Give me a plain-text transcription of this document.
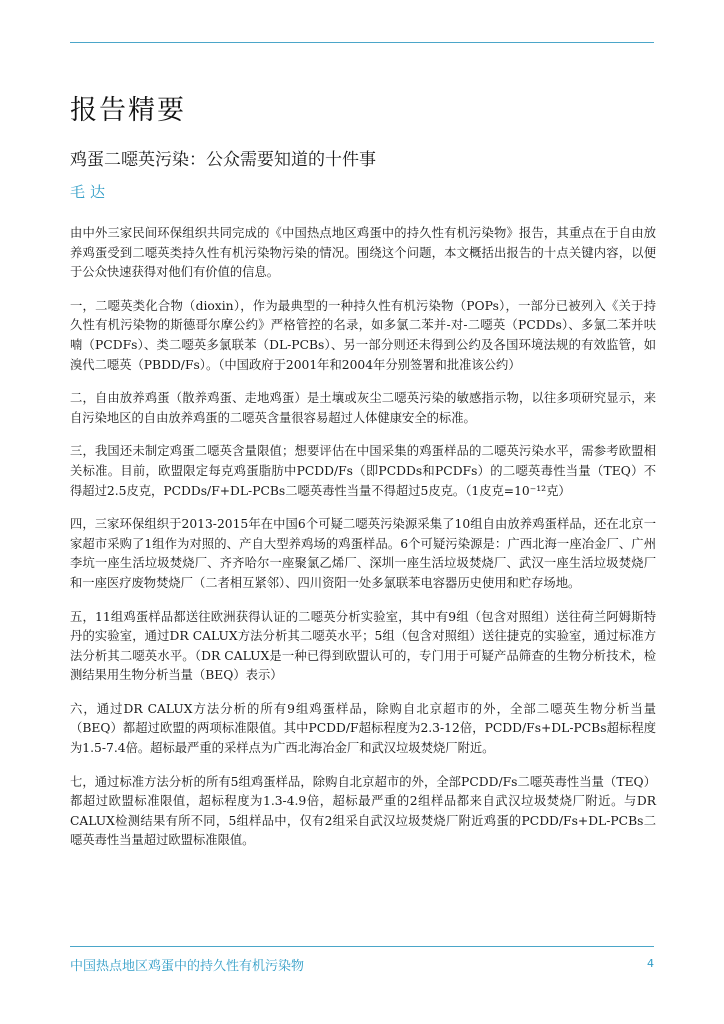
报告精要
鸡蛋二噁英污染：公众需要知道的十件事
毛达

由中外三家民间环保组织共同完成的《中国热点地区鸡蛋中的持久性有机污染物》报告，其重点在于自由放养鸡蛋受到二噁英类持久性有机污染物污染的情况。围绕这个问题，本文概括出报告的十点关键内容，以便于公众快速获得对他们有价值的信息。

一，二噁英类化合物（dioxin），作为最典型的一种持久性有机污染物（POPs），一部分已被列入《关于持久性有机污染物的斯德哥尔摩公约》严格管控的名录，如多氯二苯并-对-二噁英（PCDDs）、多氯二苯并呋喃（PCDFs）、类二噁英多氯联苯（DL-PCBs）、另一部分则还未得到公约及各国环境法规的有效监管，如溴代二噁英（PBDD/Fs）。（中国政府于2001年和2004年分别签署和批准该公约）

二，自由放养鸡蛋（散养鸡蛋、走地鸡蛋）是土壤或灰尘二噁英污染的敏感指示物，以往多项研究显示，来自污染地区的自由放养鸡蛋的二噁英含量很容易超过人体健康安全的标准。

三，我国还未制定鸡蛋二噁英含量限值；想要评估在中国采集的鸡蛋样品的二噁英污染水平，需参考欧盟相关标准。目前，欧盟限定每克鸡蛋脂肪中PCDD/Fs（即PCDDs和PCDFs）的二噁英毒性当量（TEQ）不得超过2.5皮克，PCDDs/F+DL-PCBs二噁英毒性当量不得超过5皮克。（1皮克=10⁻¹²克）

四，三家环保组织于2013-2015年在中国6个可疑二噁英污染源采集了10组自由放养鸡蛋样品，还在北京一家超市采购了1组作为对照的、产自大型养鸡场的鸡蛋样品。6个可疑污染源是：广西北海一座冶金厂、广州李坑一座生活垃圾焚烧厂、齐齐哈尔一座聚氯乙烯厂、深圳一座生活垃圾焚烧厂、武汉一座生活垃圾焚烧厂和一座医疗废物焚烧厂（二者相互紧邻）、四川资阳一处多氯联苯电容器历史使用和贮存场地。

五，11组鸡蛋样品都送往欧洲获得认证的二噁英分析实验室，其中有9组（包含对照组）送往荷兰阿姆斯特丹的实验室，通过DR CALUX方法分析其二噁英水平；5组（包含对照组）送往捷克的实验室，通过标准方法分析其二噁英水平。（DR CALUX是一种已得到欧盟认可的，专门用于可疑产品筛查的生物分析技术，检测结果用生物分析当量（BEQ）表示）

六，通过DR CALUX方法分析的所有9组鸡蛋样品，除购自北京超市的外，全部二噁英生物分析当量（BEQ）都超过欧盟的两项标准限值。其中PCDD/F超标程度为2.3-12倍，PCDD/Fs+DL-PCBs超标程度为1.5-7.4倍。超标最严重的采样点为广西北海冶金厂和武汉垃圾焚烧厂附近。

七，通过标准方法分析的所有5组鸡蛋样品，除购自北京超市的外，全部PCDD/Fs二噁英毒性当量（TEQ）都超过欧盟标准限值，超标程度为1.3-4.9倍，超标最严重的2组样品都来自武汉垃圾焚烧厂附近。与DR CALUX检测结果有所不同，5组样品中，仅有2组采自武汉垃圾焚烧厂附近鸡蛋的PCDD/Fs+DL-PCBs二噁英毒性当量超过欧盟标准限值。

中国热点地区鸡蛋中的持久性有机污染物	4
